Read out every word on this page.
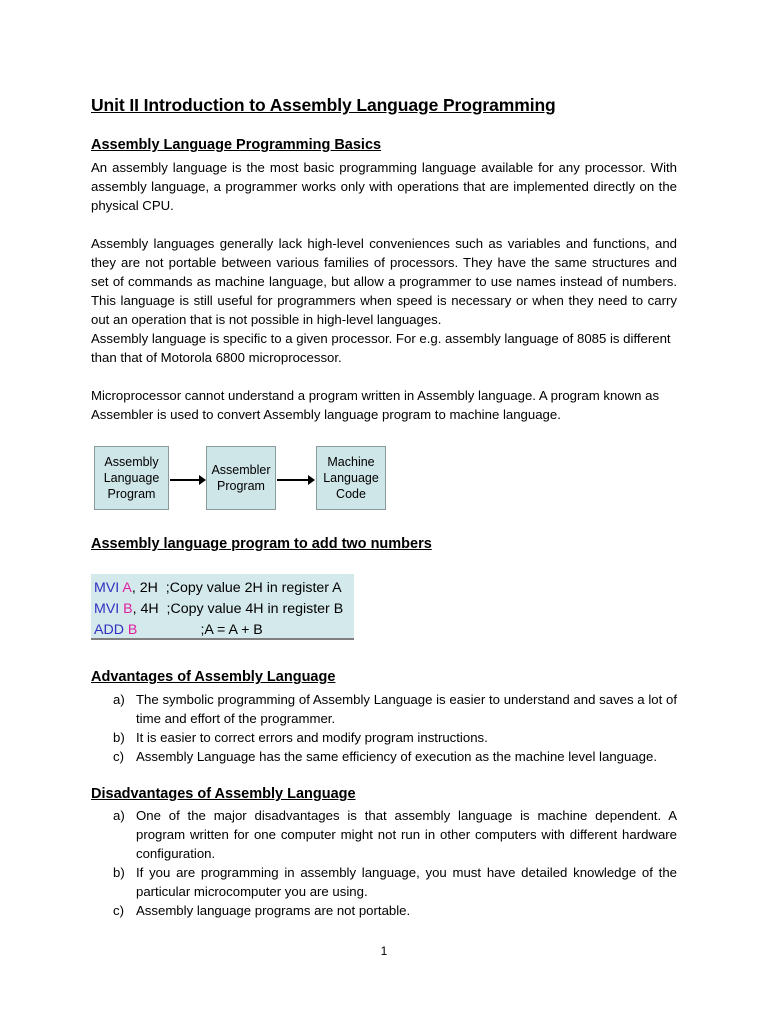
Unit II Introduction to Assembly Language Programming
Assembly Language Programming Basics
An assembly language is the most basic programming language available for any processor. With assembly language, a programmer works only with operations that are implemented directly on the physical CPU.
Assembly languages generally lack high-level conveniences such as variables and functions, and they are not portable between various families of processors. They have the same structures and set of commands as machine language, but allow a programmer to use names instead of numbers. This language is still useful for programmers when speed is necessary or when they need to carry out an operation that is not possible in high-level languages.
Assembly language is specific to a given processor. For e.g. assembly language of 8085 is different than that of Motorola 6800 microprocessor.
Microprocessor cannot understand a program written in Assembly language. A program known as Assembler is used to convert Assembly language program to machine language.
Assembly
Language
Program
Assembler
Program
Machine
Language
Code
Assembly language program to add two numbers
MVI A, 2H  ;Copy value 2H in register A
MVI B, 4H  ;Copy value 4H in register B
ADD B                ;A = A + B
Advantages of Assembly Language
a) The symbolic programming of Assembly Language is easier to understand and saves a lot of time and effort of the programmer.
b) It is easier to correct errors and modify program instructions.
c) Assembly Language has the same efficiency of execution as the machine level language.
Disadvantages of Assembly Language
a) One of the major disadvantages is that assembly language is machine dependent. A program written for one computer might not run in other computers with different hardware configuration.
b) If you are programming in assembly language, you must have detailed knowledge of the particular microcomputer you are using.
c) Assembly language programs are not portable.
1
